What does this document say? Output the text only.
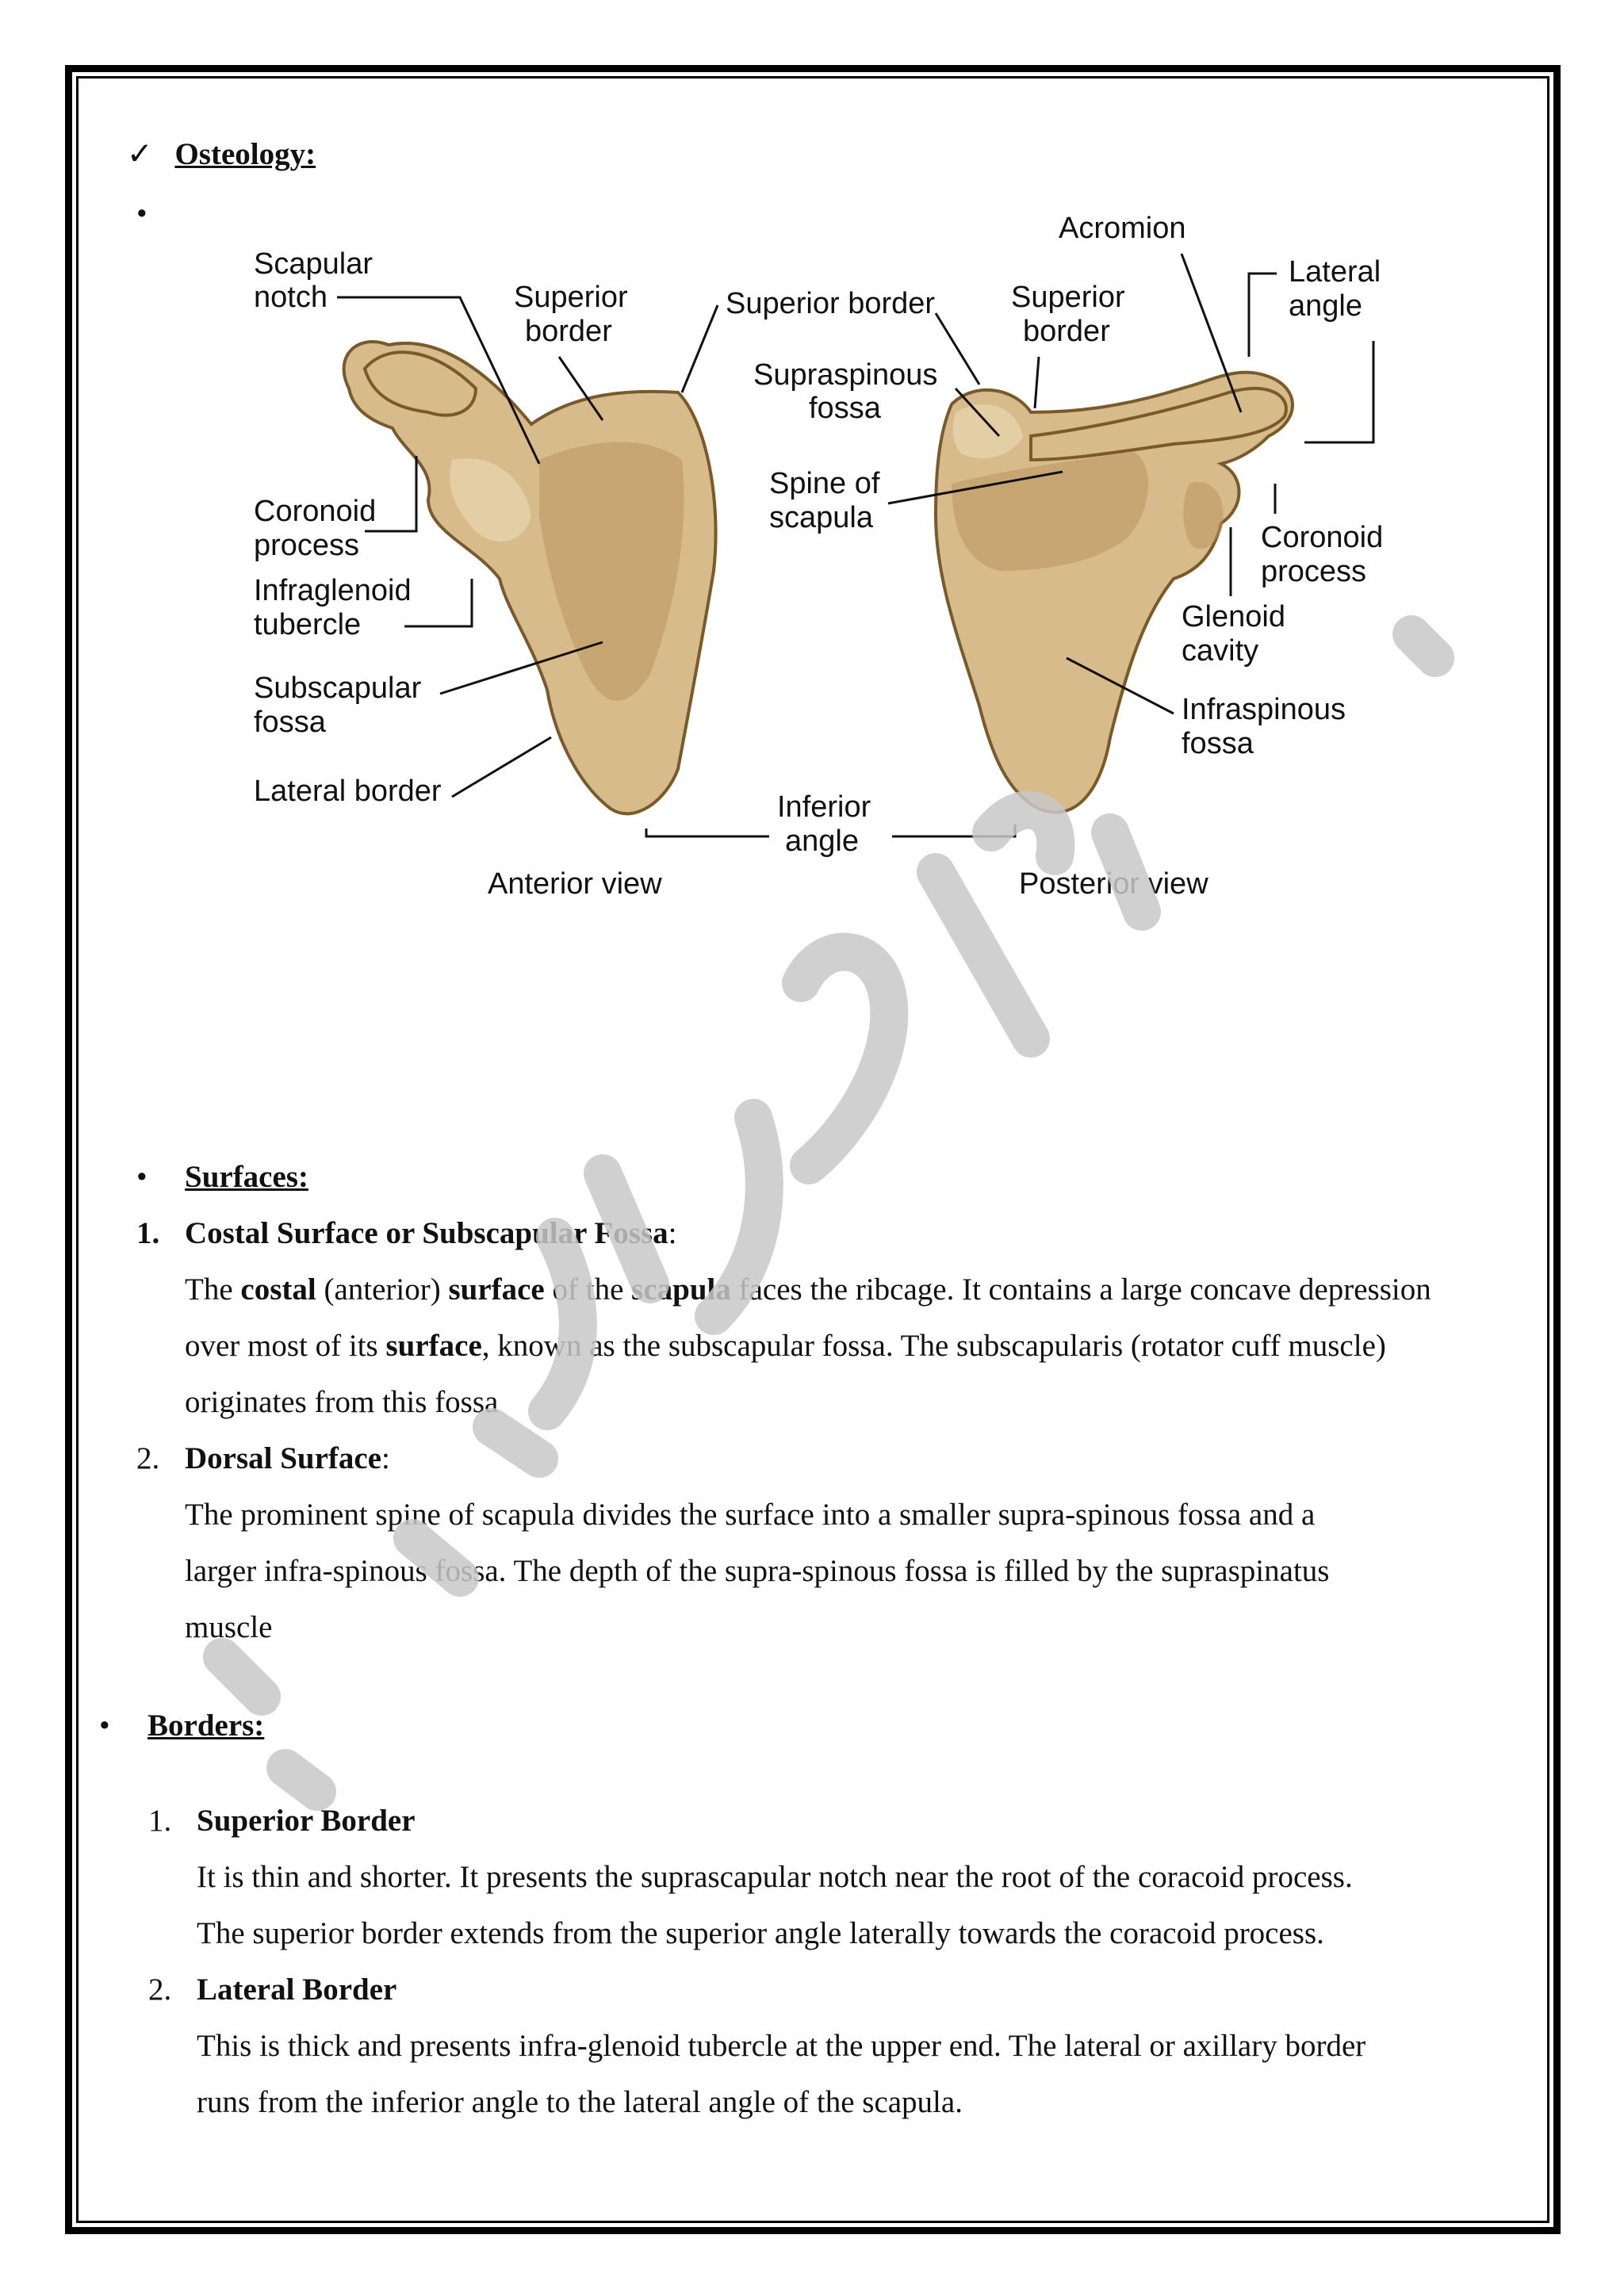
✓ Osteology:
•
Scapular
notch	Superior
border
Coronoid
process
Infraglenoid
tubercle
Subscapular
fossa
Lateral border
Anterior view
Superior border
Supraspinous
fossa
Spine of
scapula
Inferior
angle
Acromion
Superior
border
Lateral
angle
Coronoid
process
Glenoid
cavity
Infraspinous
fossa
Posterior view
• Surfaces:
1. Costal Surface or Subscapular Fossa:
The costal (anterior) surface of the scapula faces the ribcage. It contains a large concave depression
over most of its surface, known as the subscapular fossa. The subscapularis (rotator cuff muscle)
originates from this fossa
2. Dorsal Surface:
The prominent spine of scapula divides the surface into a smaller supra-spinous fossa and a
larger infra-spinous fossa. The depth of the supra-spinous fossa is filled by the supraspinatus
muscle
• Borders:
1. Superior Border
It is thin and shorter. It presents the suprascapular notch near the root of the coracoid process.
The superior border extends from the superior angle laterally towards the coracoid process.
2. Lateral Border
This is thick and presents infra-glenoid tubercle at the upper end. The lateral or axillary border
runs from the inferior angle to the lateral angle of the scapula.
